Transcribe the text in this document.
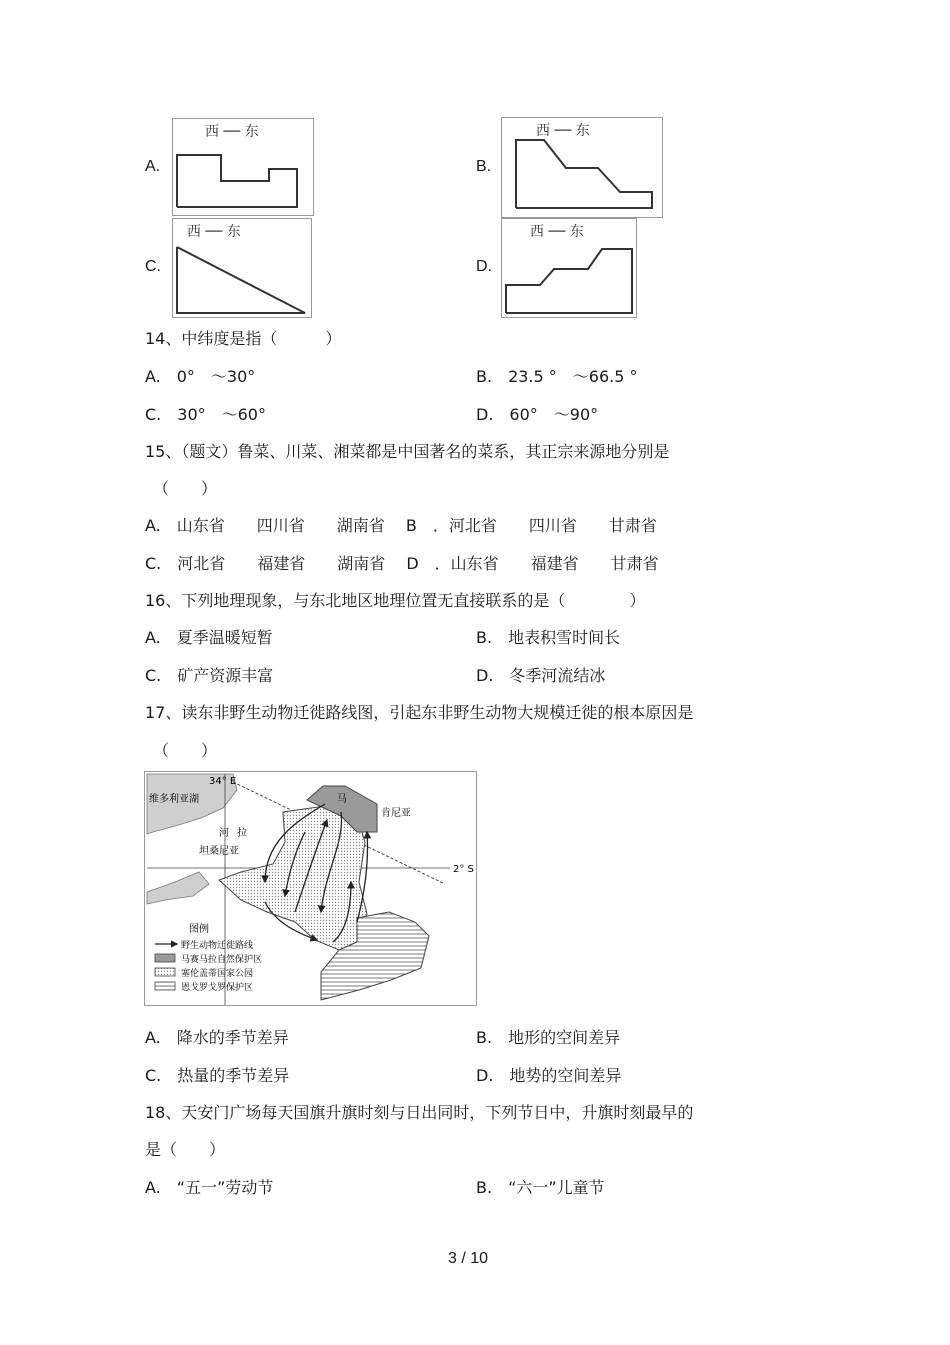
A.
西 ── 东
B.
西 ── 东
C.
西 ── 东
D.
西 ── 东
14、中纬度是指（　　　）
A.　0°　～30°	B.　23.5 °　～66.5 °
C.　30°　～60°	D.　60°　～90°
15、（题文）鲁菜、川菜、湘菜都是中国著名的菜系，其正宗来源地分别是
（　　）
A.　山东省　　四川省　　湖南省　 B　．河北省　　四川省　　甘肃省
C.　河北省　　福建省　　湖南省　 D　．山东省　　福建省　　甘肃省
16、下列地理现象，与东北地区地理位置无直接联系的是（　　　　）
A.　夏季温暖短暂	B.　地表积雪时间长
C.　矿产资源丰富	D.　冬季河流结冰
17、读东非野生动物迁徙路线图，引起东非野生动物大规模迁徙的根本原因是
（　　）
34° E
维多利亚湖
肯尼亚
马
河 拉
坦桑尼亚
2° S
图例
野生动物迁徙路线
马赛马拉自然保护区
塞伦盖蒂国家公园
恩戈罗戈罗保护区
A.　降水的季节差异	B.　地形的空间差异
C.　热量的季节差异	D.　地势的空间差异
18、天安门广场每天国旗升旗时刻与日出同时，下列节日中，升旗时刻最早的
是（　　）
A.　“五一”劳动节	B.　“六一”儿童节
3 / 10
